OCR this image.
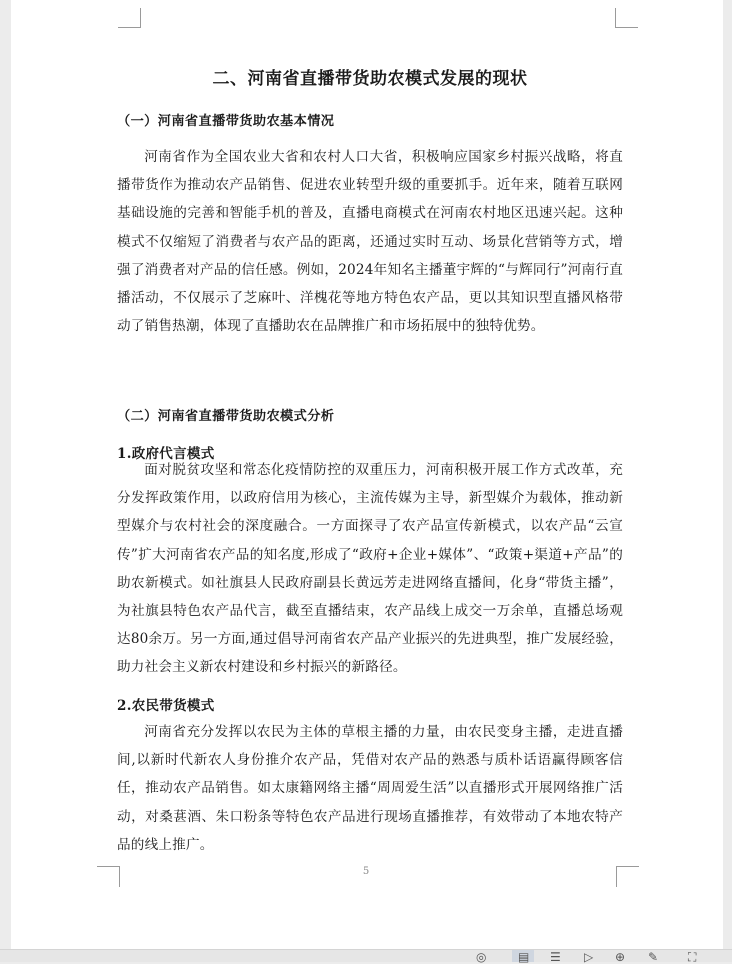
二、河南省直播带货助农模式发展的现状
（一）河南省直播带货助农基本情况

河南省作为全国农业大省和农村人口大省，积极响应国家乡村振兴战略，将直播带货作为推动农产品销售、促进农业转型升级的重要抓手。近年来，随着互联网基础设施的完善和智能手机的普及，直播电商模式在河南农村地区迅速兴起。这种模式不仅缩短了消费者与农产品的距离，还通过实时互动、场景化营销等方式，增强了消费者对产品的信任感。例如，2024年知名主播董宇辉的“与辉同行”河南行直播活动，不仅展示了芝麻叶、洋槐花等地方特色农产品，更以其知识型直播风格带动了销售热潮，体现了直播助农在品牌推广和市场拓展中的独特优势。

（二）河南省直播带货助农模式分析
1.政府代言模式

面对脱贫攻坚和常态化疫情防控的双重压力，河南积极开展工作方式改革，充分发挥政策作用，以政府信用为核心，主流传媒为主导，新型媒介为载体，推动新型媒介与农村社会的深度融合。一方面探寻了农产品宣传新模式，以农产品“云宣传”扩大河南省农产品的知名度,形成了“政府+企业+媒体”、“政策+渠道+产品”的助农新模式。如社旗县人民政府副县长黄远芳走进网络直播间，化身“带货主播”，为社旗县特色农产品代言，截至直播结束，农产品线上成交一万余单，直播总场观达80余万。另一方面,通过倡导河南省农产品产业振兴的先进典型，推广发展经验，助力社会主义新农村建设和乡村振兴的新路径。

2.农民带货模式

河南省充分发挥以农民为主体的草根主播的力量，由农民变身主播，走进直播间,以新时代新农人身份推介农产品，凭借对农产品的熟悉与质朴话语赢得顾客信任，推动农产品销售。如太康籍网络主播“周周爱生活”以直播形式开展网络推广活动，对桑葚酒、朱口粉条等特色农产品进行现场直播推荐，有效带动了本地农特产品的线上推广。

5
◎	▤ ☰ ▷ ⊕ ✎ ⛶
